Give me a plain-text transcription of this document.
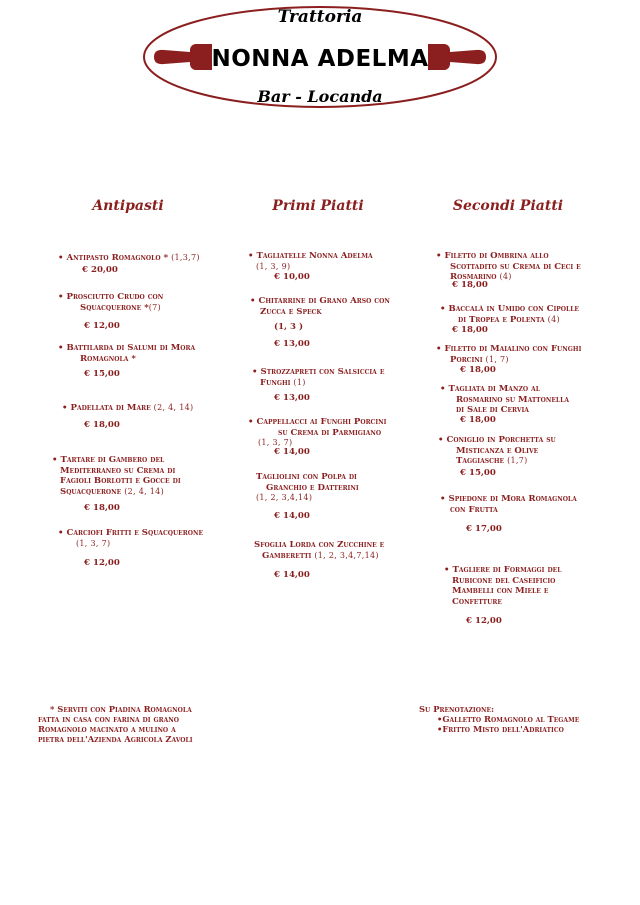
Trattoria
NONNA ADELMA
Bar - Locanda
Antipasti	Primi Piatti	Secondi Piatti
• Antipasto Romagnolo * (1,3,7)
€ 20,00
• Prosciutto Crudo con
Squacquerone *(7)
€ 12,00
• Battilarda di Salumi di Mora
Romagnola *
€ 15,00
• Padellata di Mare (2, 4, 14)
€ 18,00
• Tartare di Gambero del
Mediterraneo su Crema di
Fagioli Borlotti e Gocce di
Squacquerone (2, 4, 14)
€ 18,00
• Carciofi Fritti e Squacquerone
(1, 3, 7)
€ 12,00
• Tagliatelle Nonna Adelma
(1, 3, 9)
€ 10,00
• Chitarrine di Grano Arso con
Zucca e Speck
(1, 3 )
€ 13,00
• Strozzapreti con Salsiccia e
Funghi (1)
€ 13,00
• Cappellacci ai Funghi Porcini
su Crema di Parmigiano
(1, 3, 7)
€ 14,00
Tagliolini con Polpa di
Granchio e Datterini
(1, 2, 3,4,14)
€ 14,00
Sfoglia Lorda con Zucchine e
Gamberetti (1, 2, 3,4,7,14)
€ 14,00
• Filetto di Ombrina allo
Scottadito su Crema di Ceci e
Rosmarino (4)
€ 18,00
• Baccalà in Umido con Cipolle
di Tropea e Polenta (4)
€ 18,00
• Filetto di Maialino con Funghi
Porcini (1, 7)
€ 18,00
• Tagliata di Manzo al
Rosmarino su Mattonella
di Sale di Cervia
€ 18,00
• Coniglio in Porchetta su
Misticanza e Olive
Taggiasche (1,7)
€ 15,00
• Spiedone di Mora Romagnola
con Frutta
€ 17,00
• Tagliere di Formaggi del
Rubicone del Caseificio
Mambelli con Miele e
Confetture
€ 12,00
* Serviti con Piadina Romagnola
fatta in casa con farina di grano
Romagnolo macinato a mulino a
pietra dell'Azienda Agricola Zavoli
Su Prenotazione:
•Galletto Romagnolo al Tegame
•Fritto Misto dell'Adriatico
